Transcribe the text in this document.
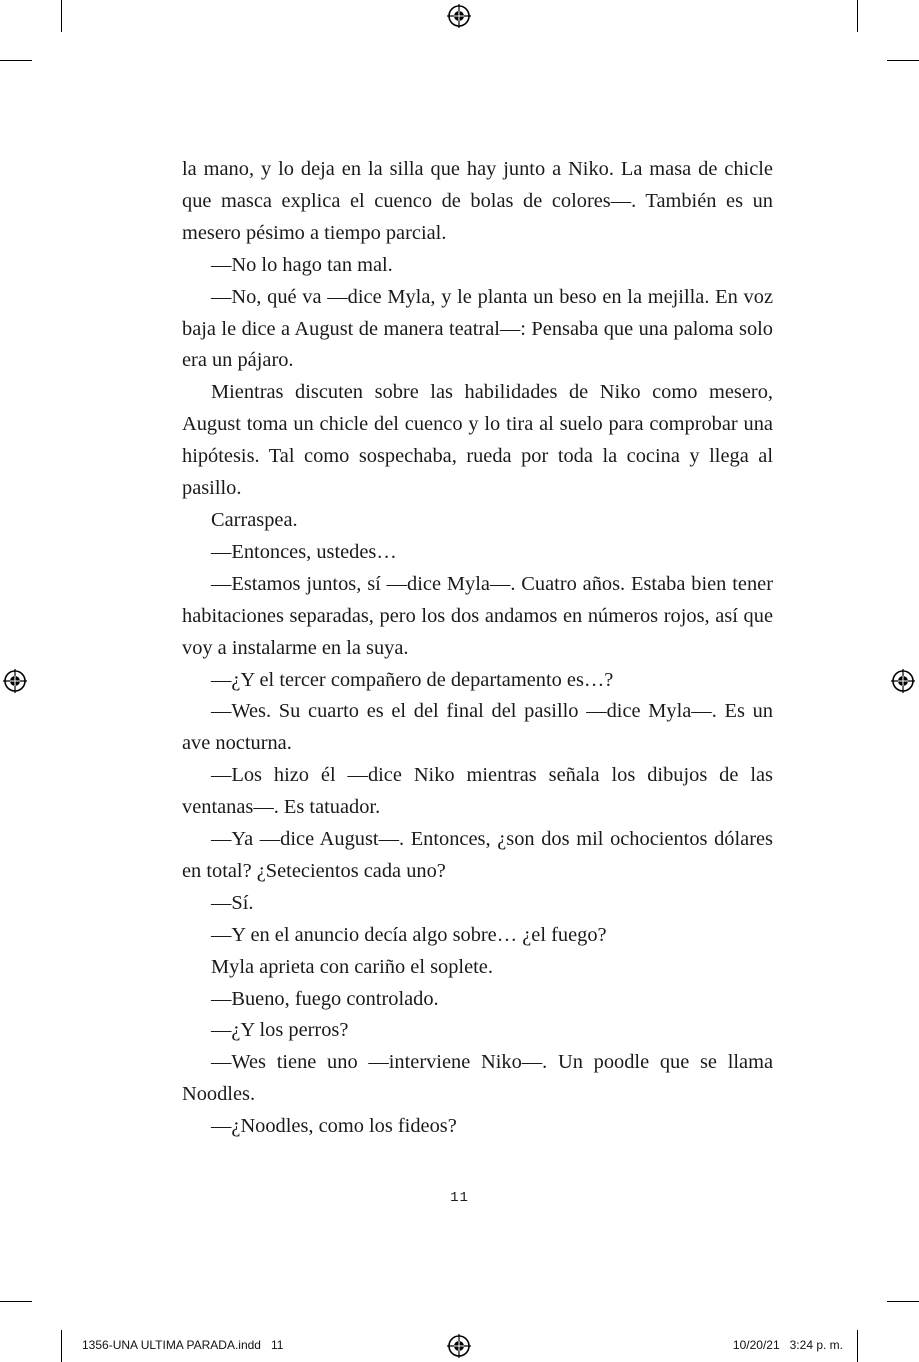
la mano, y lo deja en la silla que hay junto a Niko. La masa de chicle que masca explica el cuenco de bolas de colores—. También es un mesero pésimo a tiempo parcial.

—No lo hago tan mal.

—No, qué va —dice Myla, y le planta un beso en la mejilla. En voz baja le dice a August de manera teatral—: Pensaba que una paloma solo era un pájaro.

Mientras discuten sobre las habilidades de Niko como mesero, August toma un chicle del cuenco y lo tira al suelo para comprobar una hipótesis. Tal como sospechaba, rueda por toda la cocina y llega al pasillo.

Carraspea.

—Entonces, ustedes…

—Estamos juntos, sí —dice Myla—. Cuatro años. Estaba bien tener habitaciones separadas, pero los dos andamos en números rojos, así que voy a instalarme en la suya.

—¿Y el tercer compañero de departamento es…?

—Wes. Su cuarto es el del final del pasillo —dice Myla—. Es un ave nocturna.

—Los hizo él —dice Niko mientras señala los dibujos de las ventanas—. Es tatuador.

—Ya —dice August—. Entonces, ¿son dos mil ochocientos dólares en total? ¿Setecientos cada uno?

—Sí.

—Y en el anuncio decía algo sobre… ¿el fuego?

Myla aprieta con cariño el soplete.

—Bueno, fuego controlado.

—¿Y los perros?

—Wes tiene uno —interviene Niko—. Un poodle que se llama Noodles.

—¿Noodles, como los fideos?

11
1356-UNA ULTIMA PARADA.indd   11	10/20/21   3:24 p. m.
